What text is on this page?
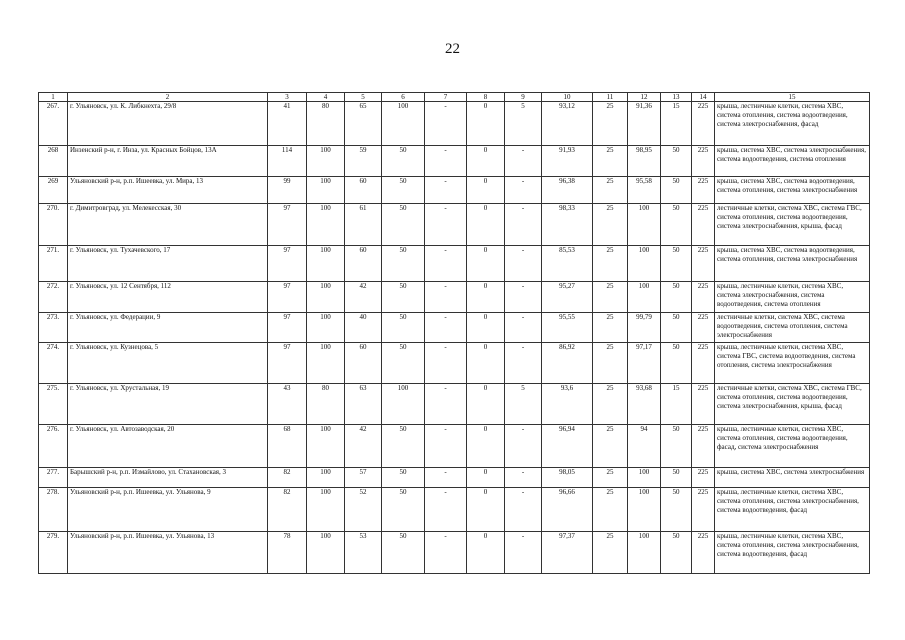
22
1	2	3	4	5	6	7	8	9	10	11	12	13	14	15
267.	г. Ульяновск, ул. К. Либкнехта, 29/8	41	80	65	100	-	0	5	93,12	25	91,36	15	225	крыша, лестничные клетки, система ХВС, система отопления, система водоотведения, система электроснабжения, фасад
268	Инзенский р-н, г. Инза, ул. Красных Бойцов, 13А	114	100	59	50	-	0	-	91,93	25	98,95	50	225	крыша, система ХВС, система электроснабжения, система водоотведения, система отопления
269	Ульяновский р-н, р.п. Ишеевка, ул. Мира, 13	99	100	60	50	-	0	-	96,38	25	95,58	50	225	крыша, система ХВС, система водоотведения, система отопления, система электроснабжения
270.	г. Димитровград, ул. Мелекесская, 30	97	100	61	50	-	0	-	98,33	25	100	50	225	лестничные клетки, система ХВС, система ГВС, система отопления, система водоотведения, система электроснабжения, крыша, фасад
271.	г. Ульяновск, ул. Тухачевского, 17	97	100	60	50	-	0	-	85,53	25	100	50	225	крыша, система ХВС, система водоотведения, система отопления, система электроснабжения
272.	г. Ульяновск, ул. 12 Сентября, 112	97	100	42	50	-	0	-	95,27	25	100	50	225	крыша, лестничные клетки, система ХВС, система электроснабжения, система водоотведения, система отопления
273.	г. Ульяновск, ул. Федерации, 9	97	100	40	50	-	0	-	95,55	25	99,79	50	225	лестничные клетки, система ХВС, система водоотведения, система отопления, система электроснабжения
274.	г. Ульяновск, ул. Кузнецова, 5	97	100	60	50	-	0	-	86,92	25	97,17	50	225	крыша, лестничные клетки, система ХВС, система ГВС, система водоотведения, система отопления, система электроснабжения
275.	г. Ульяновск, ул. Хрустальная, 19	43	80	63	100	-	0	5	93,6	25	93,68	15	225	лестничные клетки, система ХВС, система ГВС, система отопления, система водоотведения, система электроснабжения, крыша, фасад
276.	г. Ульяновск, ул. Автозаводская, 20	68	100	42	50	-	0	-	96,94	25	94	50	225	крыша, лестничные клетки, система ХВС, система отопления, система водоотведения, фасад, система электроснабжения
277.	Барышский р-н, р.п. Измайлово, ул. Стахановская, 3	82	100	57	50	-	0	-	98,05	25	100	50	225	крыша, система ХВС, система электроснабжения
278.	Ульяновский р-н, р.п. Ишеевка, ул. Ульянова, 9	82	100	52	50	-	0	-	96,66	25	100	50	225	крыша, лестничные клетки, система ХВС, система отопления, система электроснабжения, система водоотведения, фасад
279.	Ульяновский р-н, р.п. Ишеевка, ул. Ульянова, 13	78	100	53	50	-	0	-	97,37	25	100	50	225	крыша, лестничные клетки, система ХВС, система отопления, система электроснабжения, система водоотведения, фасад
